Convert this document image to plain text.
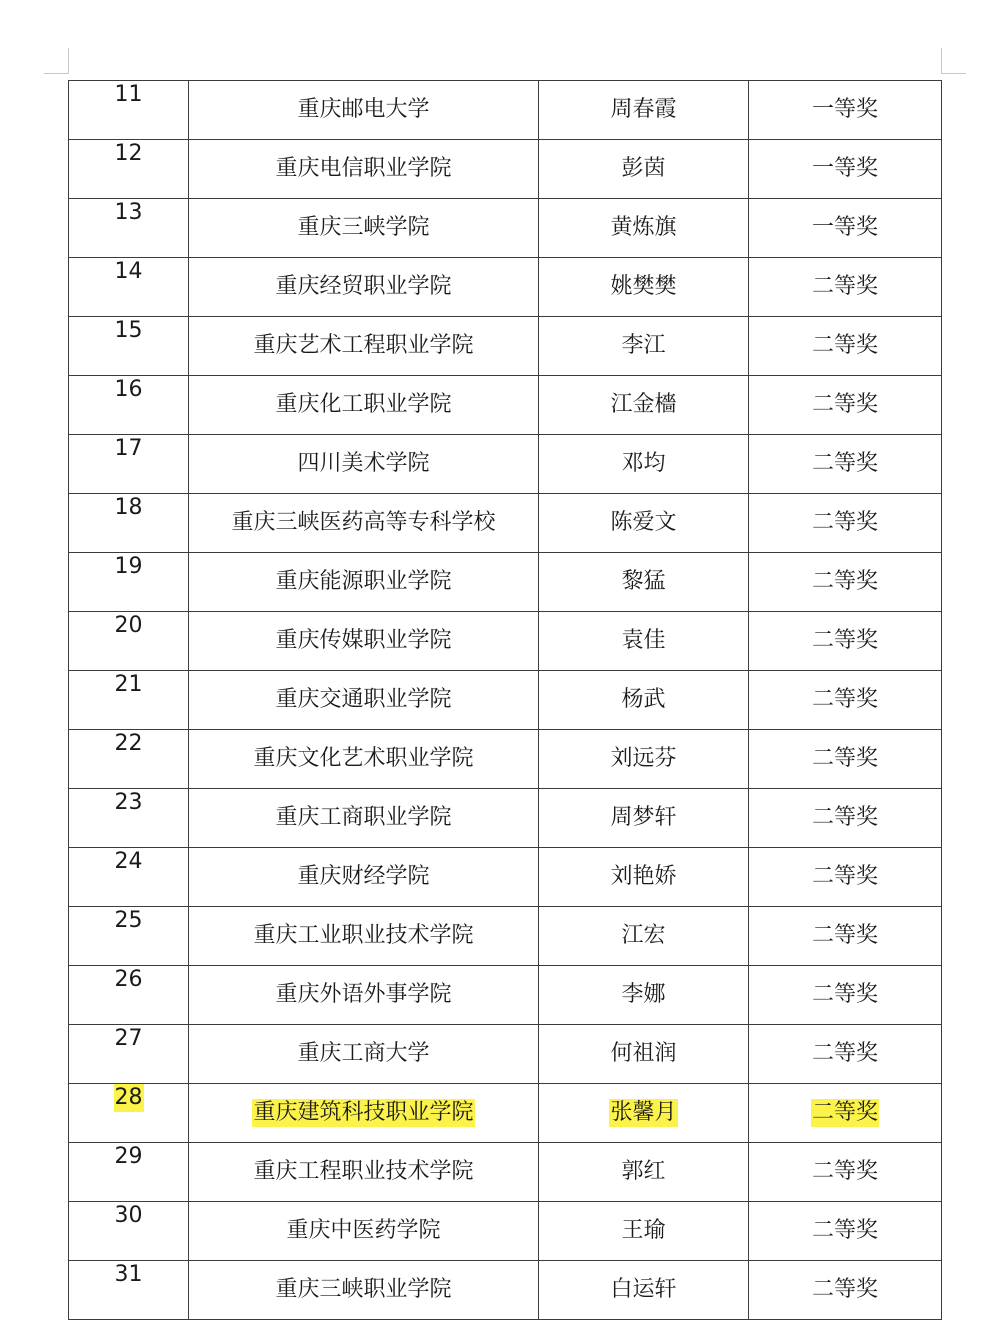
11	重庆邮电大学	周春霞	一等奖
12	重庆电信职业学院	彭茵	一等奖
13	重庆三峡学院	黄炼旗	一等奖
14	重庆经贸职业学院	姚樊樊	二等奖
15	重庆艺术工程职业学院	李江	二等奖
16	重庆化工职业学院	江金檣	二等奖
17	四川美术学院	邓均	二等奖
18	重庆三峡医药高等专科学校	陈爱文	二等奖
19	重庆能源职业学院	黎猛	二等奖
20	重庆传媒职业学院	袁佳	二等奖
21	重庆交通职业学院	杨武	二等奖
22	重庆文化艺术职业学院	刘远芬	二等奖
23	重庆工商职业学院	周梦轩	二等奖
24	重庆财经学院	刘艳娇	二等奖
25	重庆工业职业技术学院	江宏	二等奖
26	重庆外语外事学院	李娜	二等奖
27	重庆工商大学	何祖润	二等奖
28	重庆建筑科技职业学院	张馨月	二等奖
29	重庆工程职业技术学院	郭红	二等奖
30	重庆中医药学院	王瑜	二等奖
31	重庆三峡职业学院	白运轩	二等奖
